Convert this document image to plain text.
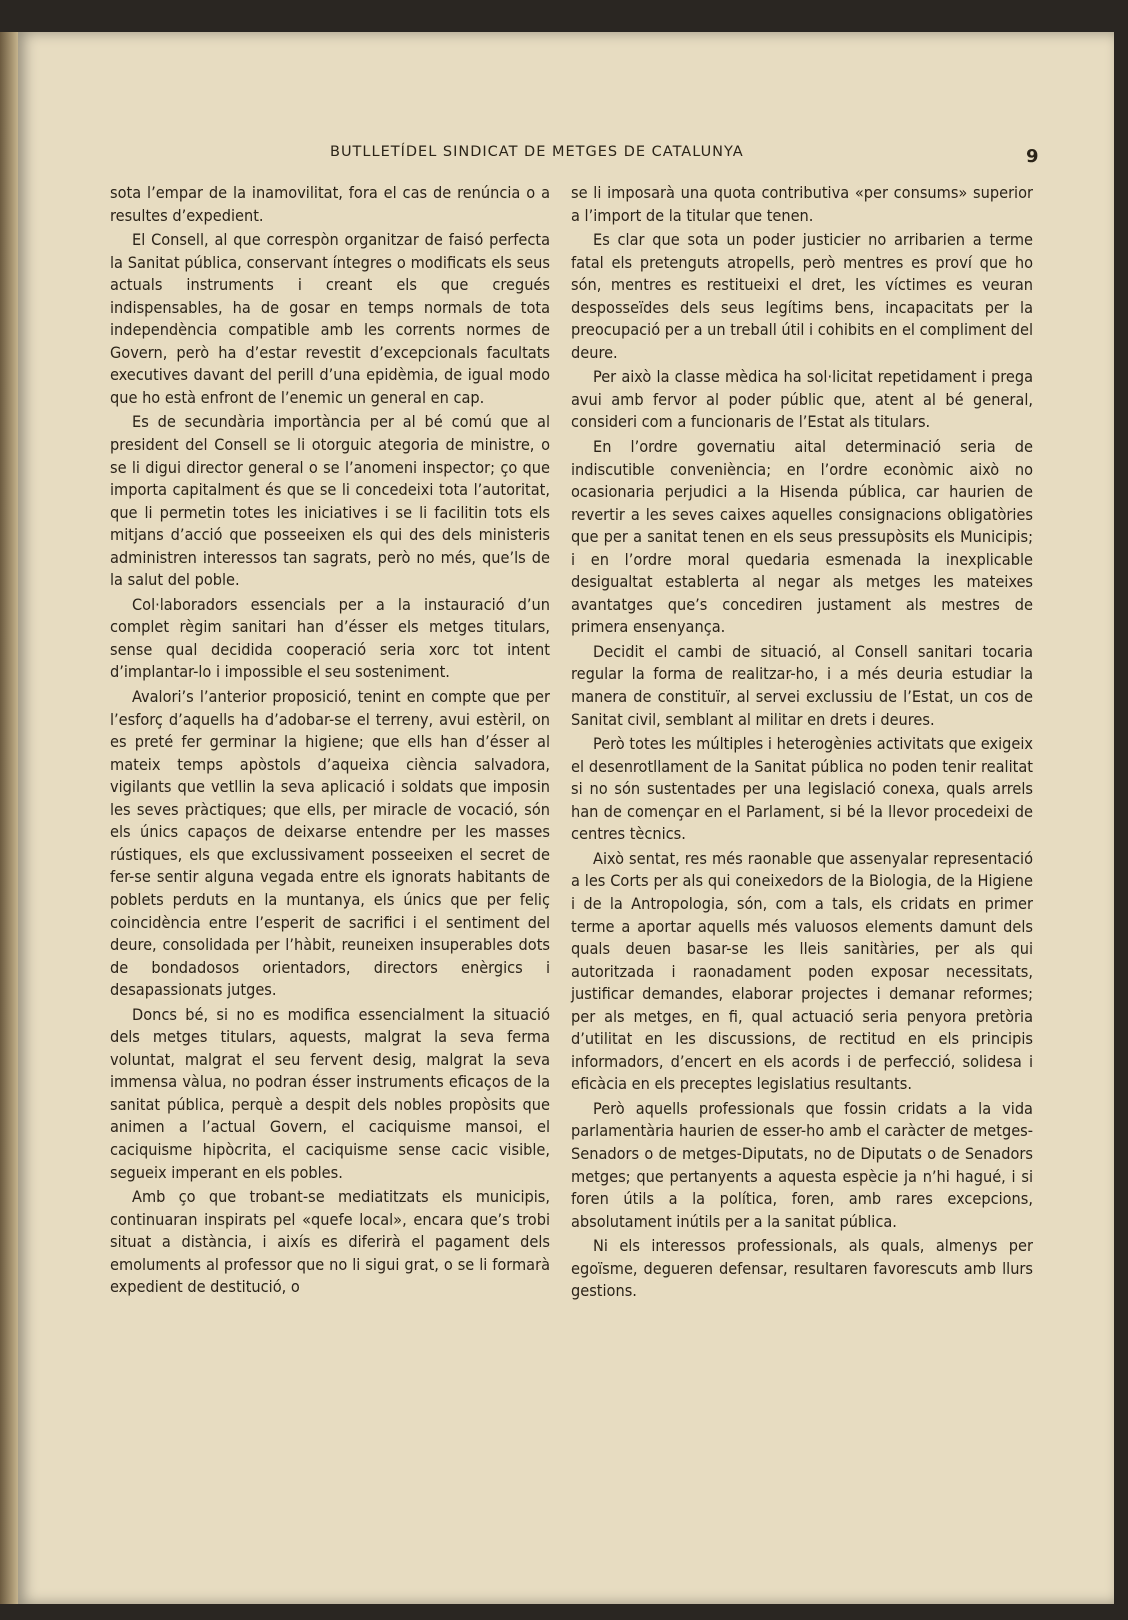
BUTLLETÍDEL SINDICAT DE METGES DE CATALUNYA	9

sota l’empar de la inamovilitat, fora el cas de renúncia o a resultes d’expedient.

El Consell, al que correspòn organitzar de faisó perfecta la Sanitat pública, conservant íntegres o modificats els seus actuals instruments i creant els que cregués indispensables, ha de gosar en temps normals de tota independència compatible amb les corrents normes de Govern, però ha d’estar revestit d’excepcionals facultats executives davant del perill d’una epidèmia, de igual modo que ho està enfront de l’enemic un general en cap.

Es de secundària importància per al bé comú que al president del Consell se li otorguic ategoria de ministre, o se li digui director general o se l’anomeni inspector; ço que importa capitalment és que se li concedeixi tota l’autoritat, que li permetin totes les iniciatives i se li facilitin tots els mitjans d’acció que posseeixen els qui des dels ministeris administren interessos tan sagrats, però no més, que’ls de la salut del poble.

Col·laboradors essencials per a la instauració d’un complet règim sanitari han d’ésser els metges titulars, sense qual decidida cooperació seria xorc tot intent d’implantar-lo i impossible el seu sosteniment.

Avalori’s l’anterior proposició, tenint en compte que per l’esforç d’aquells ha d’adobar-se el terreny, avui estèril, on es preté fer germinar la higiene; que ells han d’ésser al mateix temps apòstols d’aqueixa ciència salvadora, vigilants que vetllin la seva aplicació i soldats que imposin les seves pràctiques; que ells, per miracle de vocació, són els únics capaços de deixarse entendre per les masses rústiques, els que exclussivament posseeixen el secret de fer-se sentir alguna vegada entre els ignorats habitants de poblets perduts en la muntanya, els únics que per feliç coincidència entre l’esperit de sacrifici i el sentiment del deure, consolidada per l’hàbit, reuneixen insuperables dots de bondadosos orientadors, directors enèrgics i desapassionats jutges.

Doncs bé, si no es modifica essencialment la situació dels metges titulars, aquests, malgrat la seva ferma voluntat, malgrat el seu fervent desig, malgrat la seva immensa vàlua, no podran ésser instruments eficaços de la sanitat pública, perquè a despit dels nobles propòsits que animen a l’actual Govern, el caciquisme mansoi, el caciquisme hipòcrita, el caciquisme sense cacic visible, segueix imperant en els pobles.

Amb ço que trobant-se mediatitzats els municipis, continuaran inspirats pel «quefe local», encara que’s trobi situat a distància, i aixís es diferirà el pagament dels emoluments al professor que no li sigui grat, o se li formarà expedient de destitució, o

se li imposarà una quota contributiva «per consums» superior a l’import de la titular que tenen.

Es clar que sota un poder justicier no arribarien a terme fatal els pretenguts atropells, però mentres es proví que ho són, mentres es restitueixi el dret, les víctimes es veuran desposseïdes dels seus legítims bens, incapacitats per la preocupació per a un treball útil i cohibits en el compliment del deure.

Per això la classe mèdica ha sol·licitat repetidament i prega avui amb fervor al poder públic que, atent al bé general, consideri com a funcionaris de l’Estat als titulars.

En l’ordre governatiu aital determinació seria de indiscutible conveniència; en l’ordre econòmic això no ocasionaria perjudici a la Hisenda pública, car haurien de revertir a les seves caixes aquelles consignacions obligatòries que per a sanitat tenen en els seus pressupòsits els Municipis; i en l’ordre moral quedaria esmenada la inexplicable desigualtat establerta al negar als metges les mateixes avantatges que’s concediren justament als mestres de primera ensenyança.

Decidit el cambi de situació, al Consell sanitari tocaria regular la forma de realitzar-ho, i a més deuria estudiar la manera de constituïr, al servei exclussiu de l’Estat, un cos de Sanitat civil, semblant al militar en drets i deures.

Però totes les múltiples i heterogènies activitats que exigeix el desenrotllament de la Sanitat pública no poden tenir realitat si no són sustentades per una legislació conexa, quals arrels han de començar en el Parlament, si bé la llevor procedeixi de centres tècnics.

Això sentat, res més raonable que assenyalar representació a les Corts per als qui coneixedors de la Biologia, de la Higiene i de la Antropologia, són, com a tals, els cridats en primer terme a aportar aquells més valuosos elements damunt dels quals deuen basar-se les lleis sanitàries, per als qui autoritzada i raonadament poden exposar necessitats, justificar demandes, elaborar projectes i demanar reformes; per als metges, en fi, qual actuació seria penyora pretòria d’utilitat en les discussions, de rectitud en els principis informadors, d’encert en els acords i de perfecció, solidesa i eficàcia en els preceptes legislatius resultants.

Però aquells professionals que fossin cridats a la vida parlamentària haurien de esser-ho amb el caràcter de metges-Senadors o de metges-Diputats, no de Diputats o de Senadors metges; que pertanyents a aquesta espècie ja n’hi hagué, i si foren útils a la política, foren, amb rares excepcions, absolutament inútils per a la sanitat pública.

Ni els interessos professionals, als quals, almenys per egoïsme, degueren defensar, resultaren favorescuts amb llurs gestions.
